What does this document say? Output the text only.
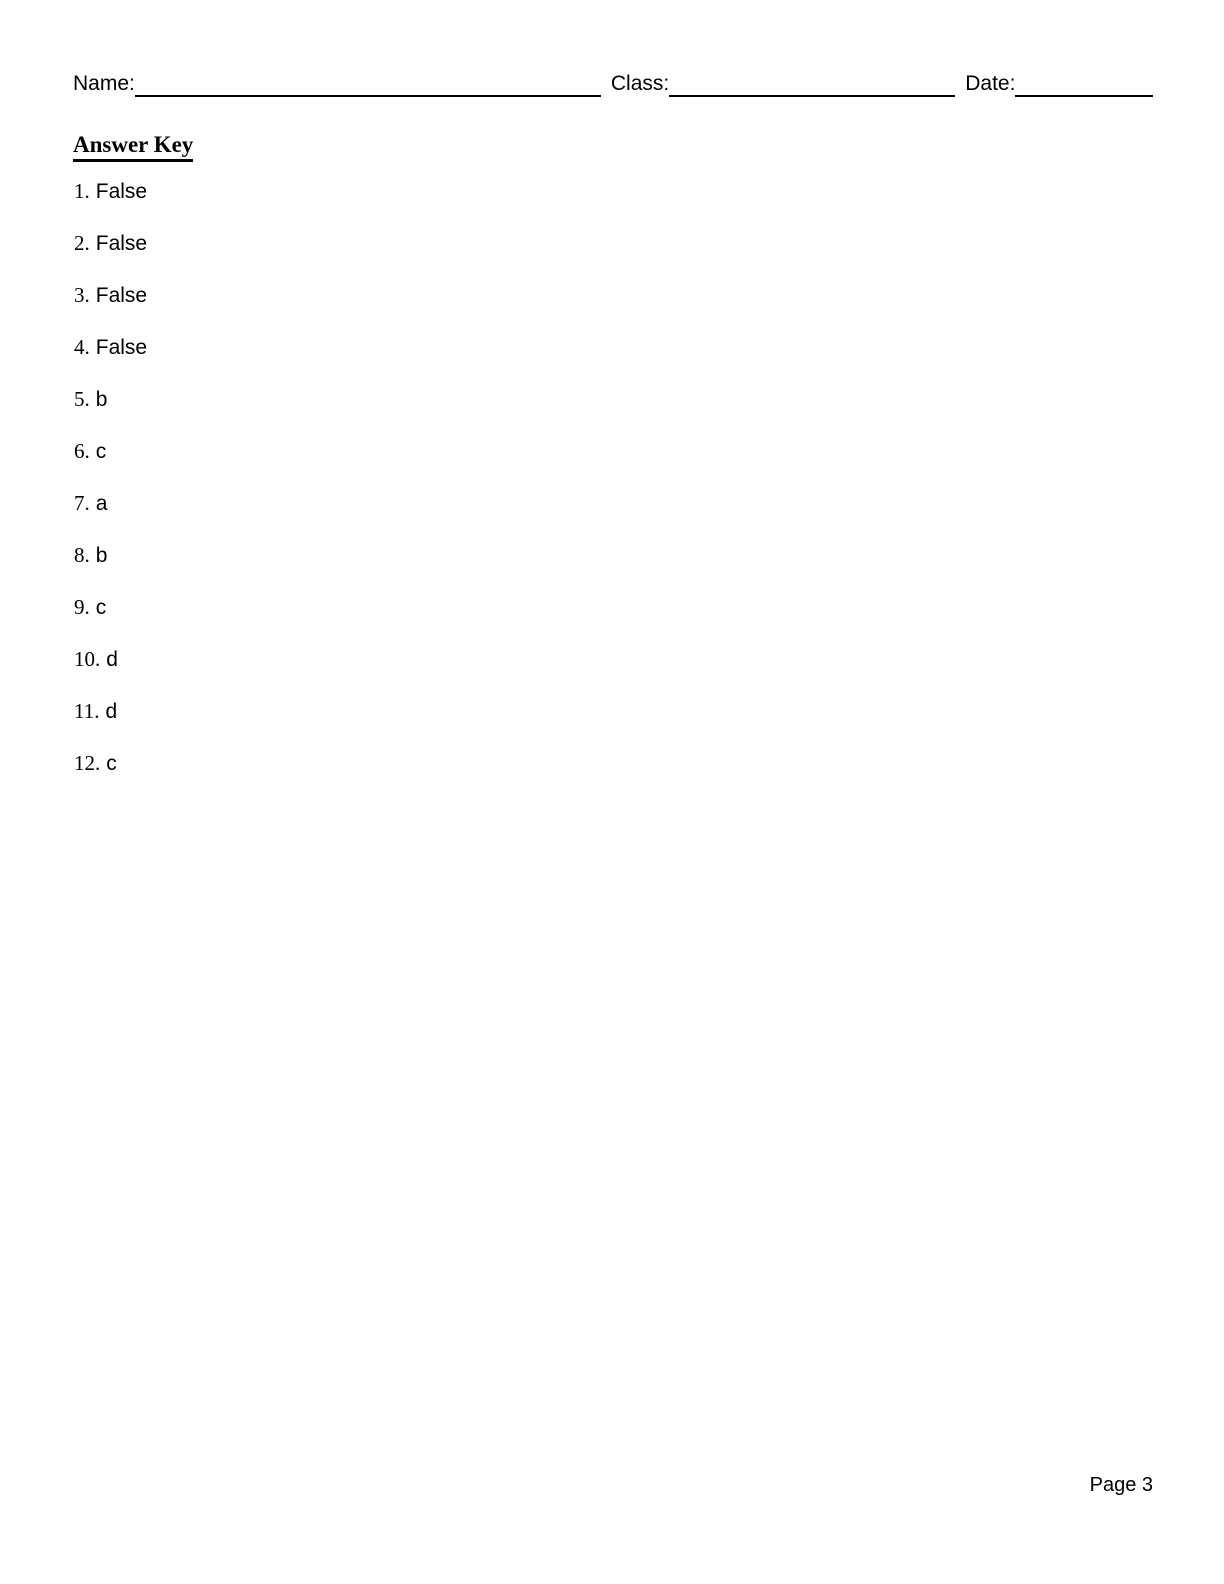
Name:	Class:	Date:
Answer Key
1. False
2. False
3. False
4. False
5. b
6. c
7. a
8. b
9. c
10. d
11. d
12. c
Page 3
